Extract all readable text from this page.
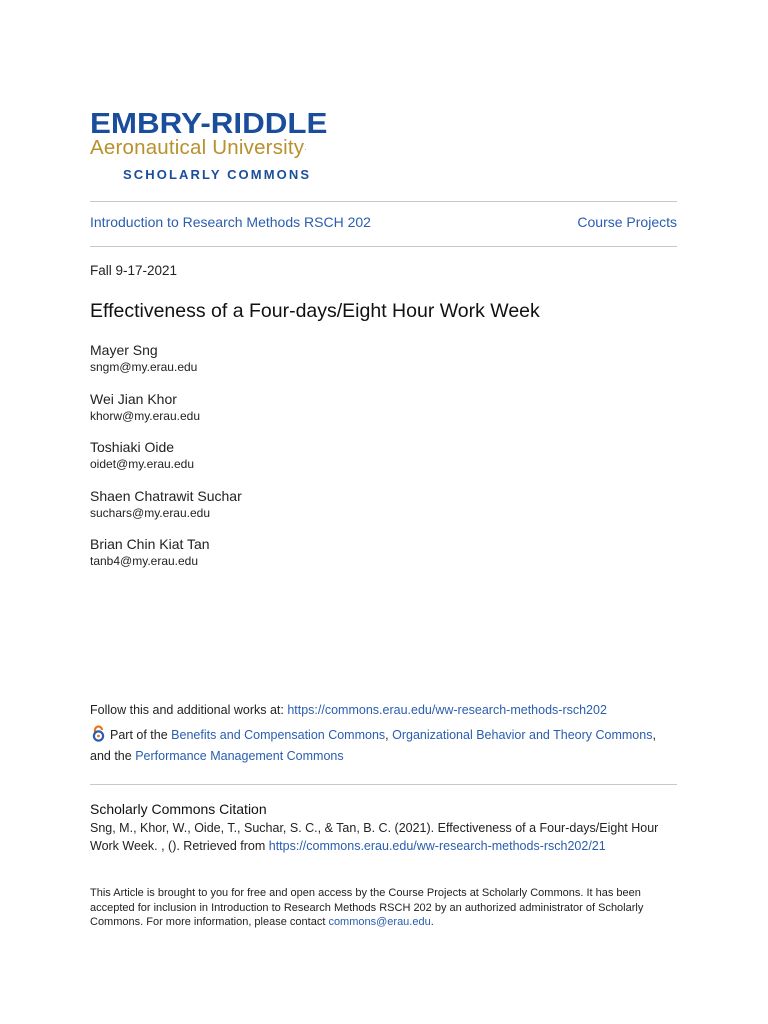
EMBRY-RIDDLE
Aeronautical University.
SCHOLARLY COMMONS
Introduction to Research Methods RSCH 202	Course Projects
Fall 9-17-2021
Effectiveness of a Four-days/Eight Hour Work Week
Mayer Sng
sngm@my.erau.edu
Wei Jian Khor
khorw@my.erau.edu
Toshiaki Oide
oidet@my.erau.edu
Shaen Chatrawit Suchar
suchars@my.erau.edu
Brian Chin Kiat Tan
tanb4@my.erau.edu
Follow this and additional works at: https://commons.erau.edu/ww-research-methods-rsch202
Part of the Benefits and Compensation Commons, Organizational Behavior and Theory Commons, and the Performance Management Commons
Scholarly Commons Citation
Sng, M., Khor, W., Oide, T., Suchar, S. C., & Tan, B. C. (2021). Effectiveness of a Four-days/Eight Hour Work Week. , (). Retrieved from https://commons.erau.edu/ww-research-methods-rsch202/21
This Article is brought to you for free and open access by the Course Projects at Scholarly Commons. It has been accepted for inclusion in Introduction to Research Methods RSCH 202 by an authorized administrator of Scholarly Commons. For more information, please contact commons@erau.edu.
